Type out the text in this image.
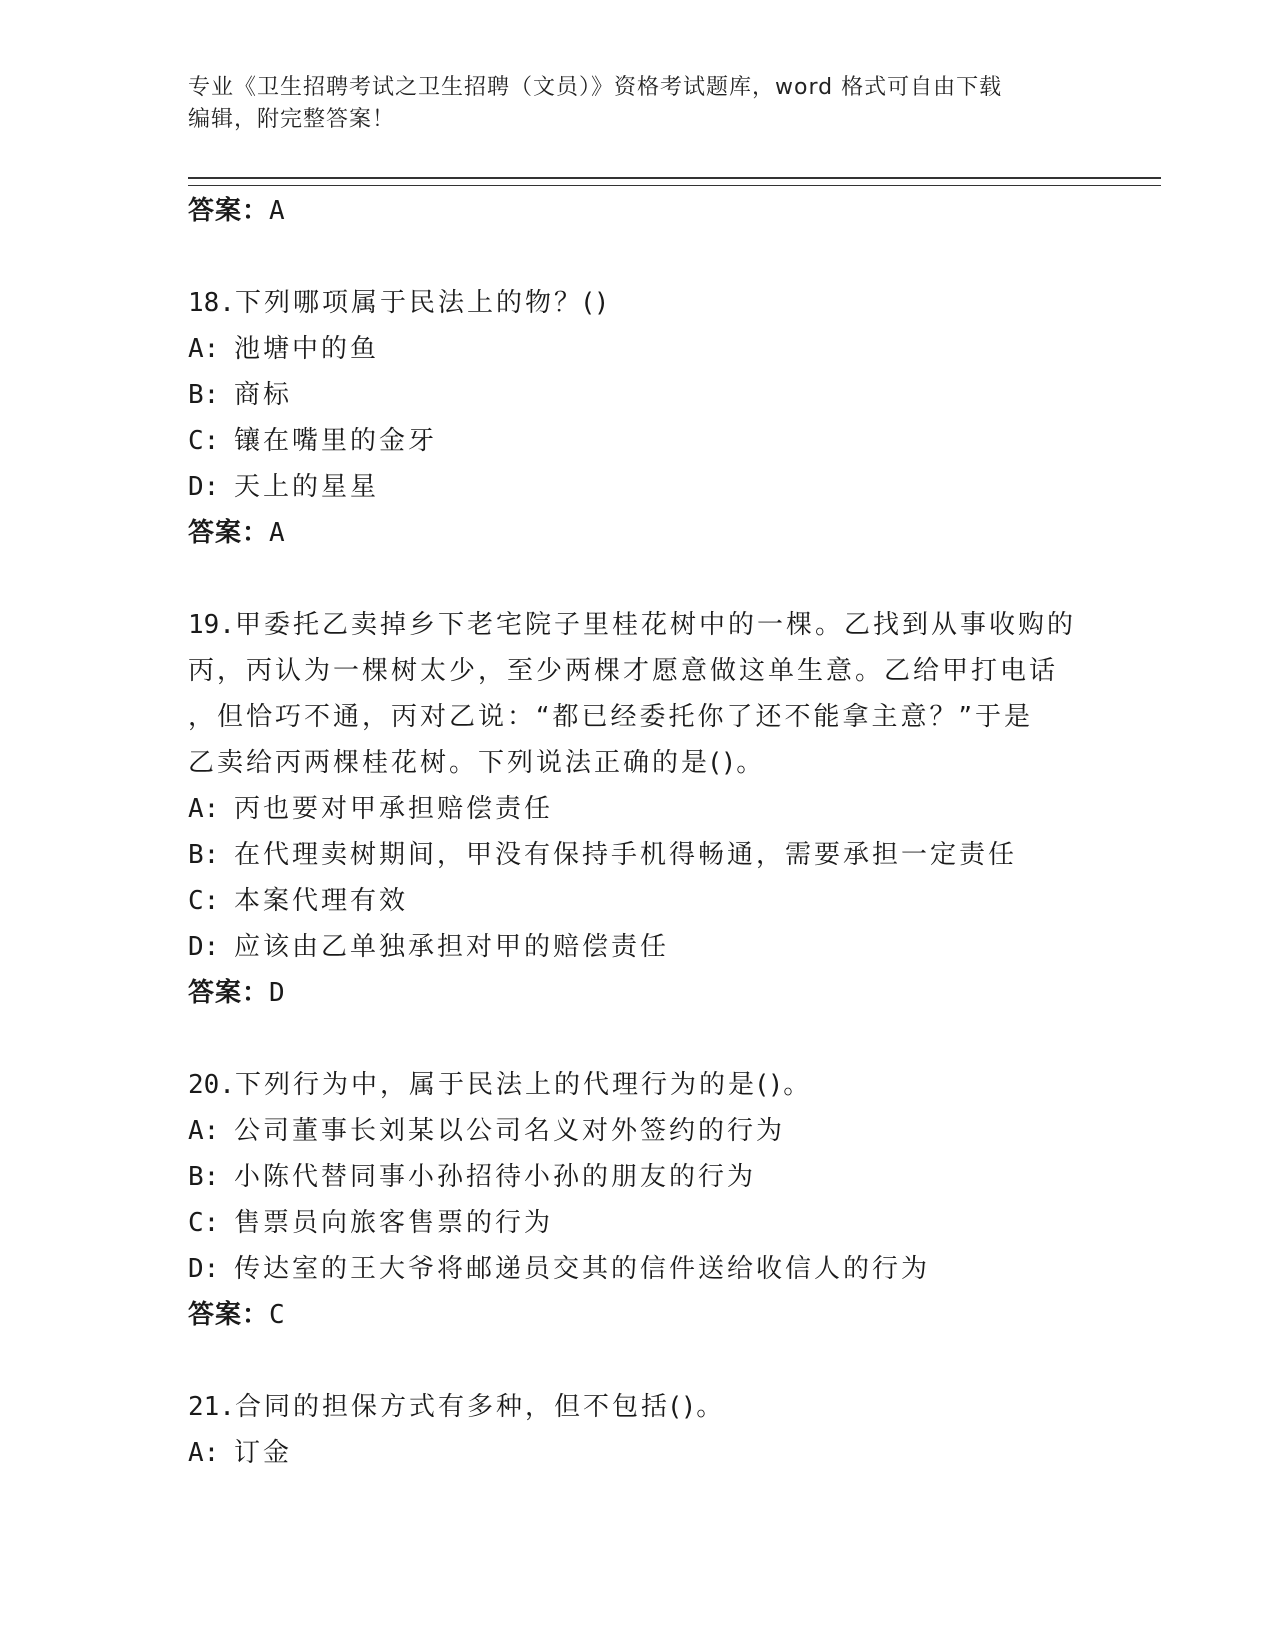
专业《卫生招聘考试之卫生招聘（文员）》资格考试题库，word 格式可自由下载
编辑，附完整答案！
答案：A
18.下列哪项属于民法上的物？()
A: 池塘中的鱼
B: 商标
C: 镶在嘴里的金牙
D: 天上的星星
答案：A
19.甲委托乙卖掉乡下老宅院子里桂花树中的一棵。乙找到从事收购的
丙，丙认为一棵树太少，至少两棵才愿意做这单生意。乙给甲打电话
，但恰巧不通，丙对乙说：“都已经委托你了还不能拿主意？”于是
乙卖给丙两棵桂花树。下列说法正确的是()。
A: 丙也要对甲承担赔偿责任
B: 在代理卖树期间，甲没有保持手机得畅通，需要承担一定责任
C: 本案代理有效
D: 应该由乙单独承担对甲的赔偿责任
答案：D
20.下列行为中，属于民法上的代理行为的是()。
A: 公司董事长刘某以公司名义对外签约的行为
B: 小陈代替同事小孙招待小孙的朋友的行为
C: 售票员向旅客售票的行为
D: 传达室的王大爷将邮递员交其的信件送给收信人的行为
答案：C
21.合同的担保方式有多种，但不包括()。
A: 订金
